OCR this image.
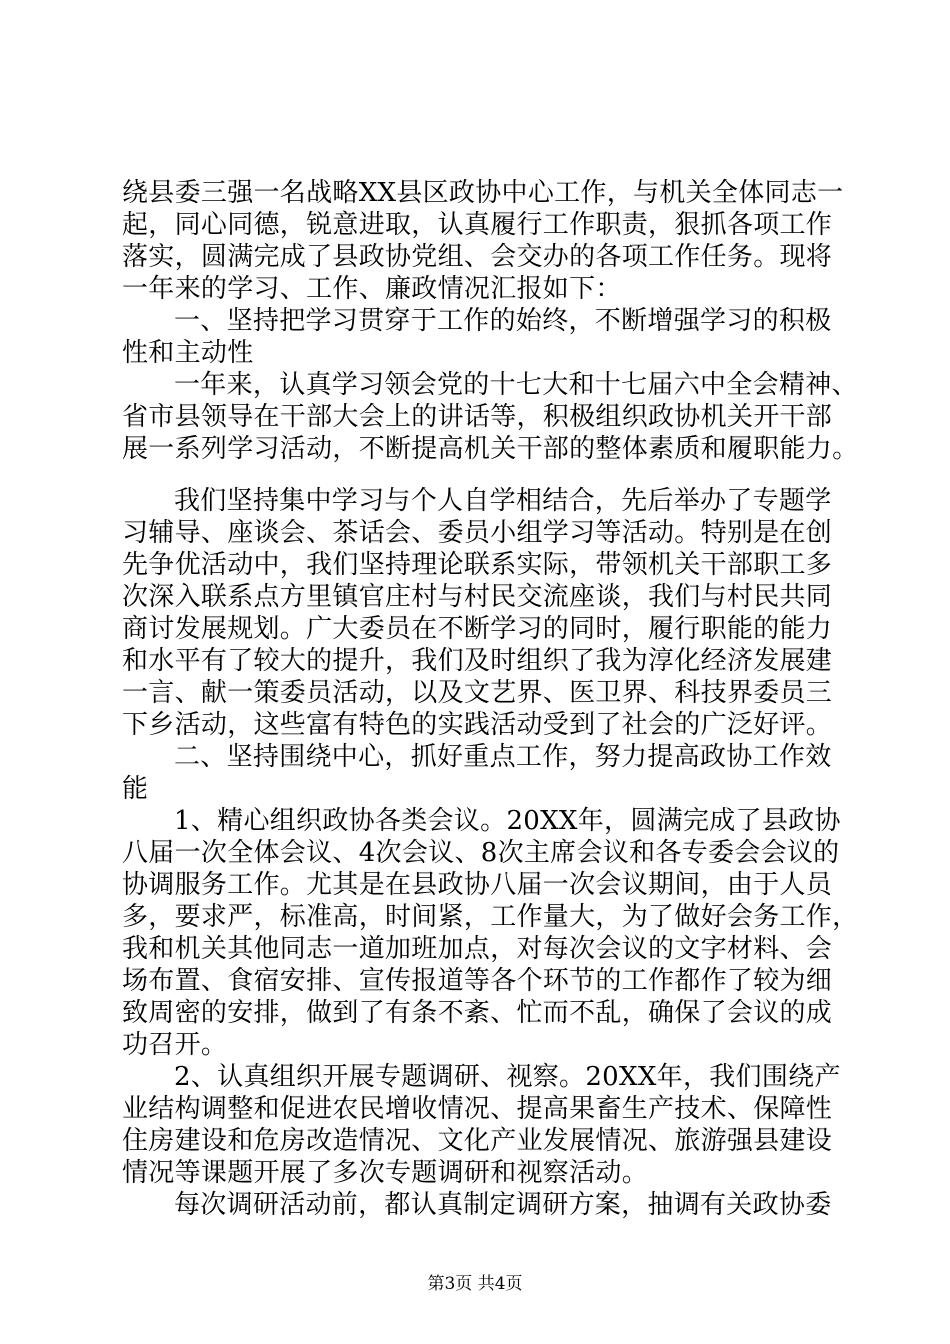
绕县委三强一名战略XX县区政协中心工作，与机关全体同志一
起，同心同德，锐意进取，认真履行工作职责，狠抓各项工作
落实，圆满完成了县政协党组、会交办的各项工作任务。现将
一年来的学习、工作、廉政情况汇报如下：
一、坚持把学习贯穿于工作的始终，不断增强学习的积极
性和主动性
一年来，认真学习领会党的十七大和十七届六中全会精神、
省市县领导在干部大会上的讲话等，积极组织政协机关开干部
展一系列学习活动，不断提高机关干部的整体素质和履职能力。
我们坚持集中学习与个人自学相结合，先后举办了专题学
习辅导、座谈会、茶话会、委员小组学习等活动。特别是在创
先争优活动中，我们坚持理论联系实际，带领机关干部职工多
次深入联系点方里镇官庄村与村民交流座谈，我们与村民共同
商讨发展规划。广大委员在不断学习的同时，履行职能的能力
和水平有了较大的提升，我们及时组织了我为淳化经济发展建
一言、献一策委员活动，以及文艺界、医卫界、科技界委员三
下乡活动，这些富有特色的实践活动受到了社会的广泛好评。
二、坚持围绕中心，抓好重点工作，努力提高政协工作效
能
1、精心组织政协各类会议。20XX年，圆满完成了县政协
八届一次全体会议、4次会议、8次主席会议和各专委会会议的
协调服务工作。尤其是在县政协八届一次会议期间，由于人员
多，要求严，标准高，时间紧，工作量大，为了做好会务工作，
我和机关其他同志一道加班加点，对每次会议的文字材料、会
场布置、食宿安排、宣传报道等各个环节的工作都作了较为细
致周密的安排，做到了有条不紊、忙而不乱，确保了会议的成
功召开。
2、认真组织开展专题调研、视察。20XX年，我们围绕产
业结构调整和促进农民增收情况、提高果畜生产技术、保障性
住房建设和危房改造情况、文化产业发展情况、旅游强县建设
情况等课题开展了多次专题调研和视察活动。
每次调研活动前，都认真制定调研方案，抽调有关政协委
第3页 共4页
